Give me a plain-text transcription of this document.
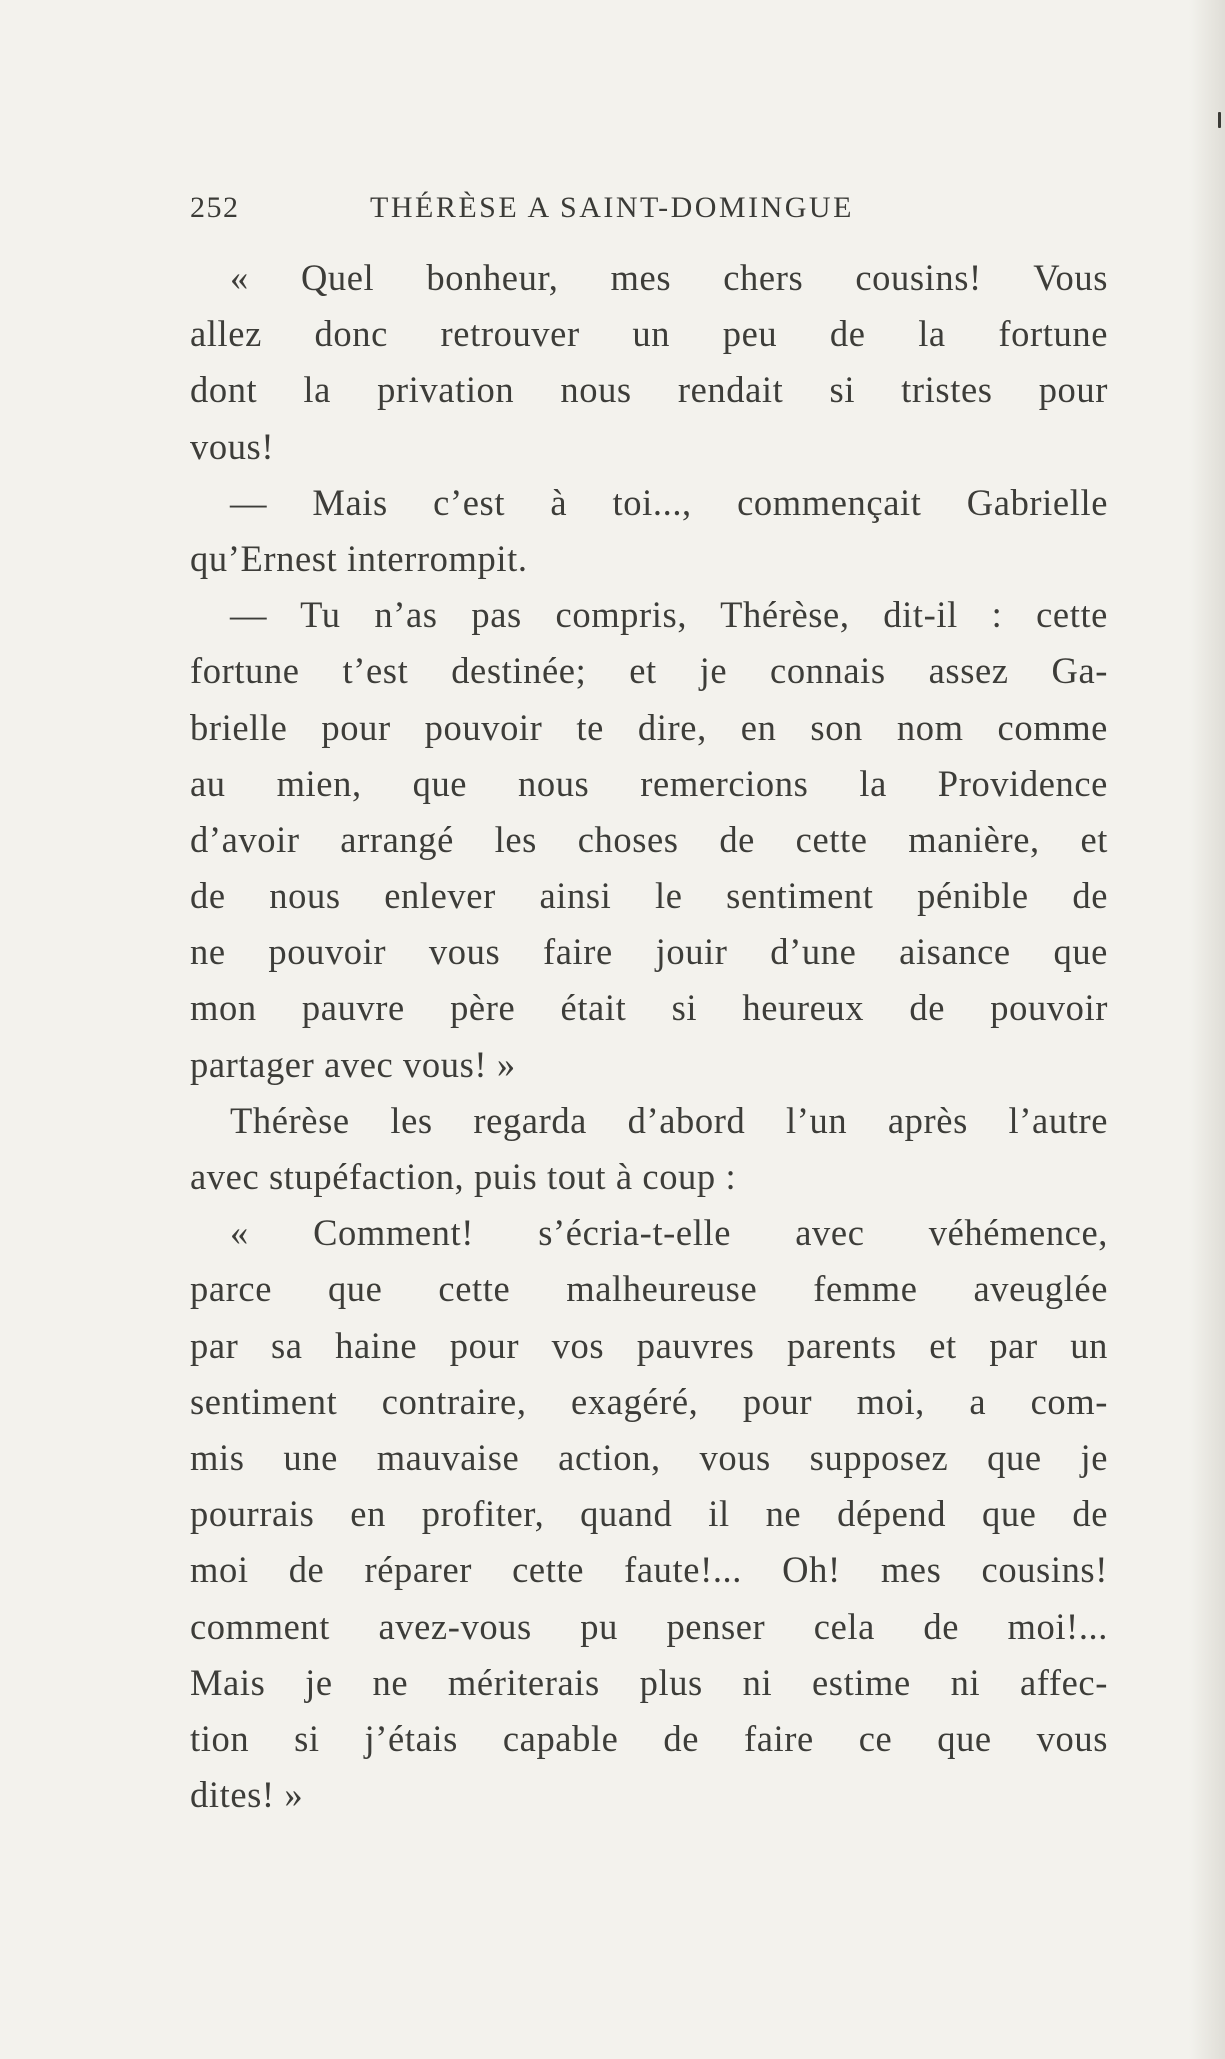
252	THÉRÈSE A SAINT-DOMINGUE
« Quel bonheur, mes chers cousins! Vous
allez donc retrouver un peu de la fortune
dont la privation nous rendait si tristes pour
vous!
— Mais c’est à toi..., commençait Gabrielle
qu’Ernest interrompit.
— Tu n’as pas compris, Thérèse, dit-il : cette
fortune t’est destinée; et je connais assez Ga-
brielle pour pouvoir te dire, en son nom comme
au mien, que nous remercions la Providence
d’avoir arrangé les choses de cette manière, et
de nous enlever ainsi le sentiment pénible de
ne pouvoir vous faire jouir d’une aisance que
mon pauvre père était si heureux de pouvoir
partager avec vous! »
Thérèse les regarda d’abord l’un après l’autre
avec stupéfaction, puis tout à coup :
« Comment! s’écria-t-elle avec véhémence,
parce que cette malheureuse femme aveuglée
par sa haine pour vos pauvres parents et par un
sentiment contraire, exagéré, pour moi, a com-
mis une mauvaise action, vous supposez que je
pourrais en profiter, quand il ne dépend que de
moi de réparer cette faute!... Oh! mes cousins!
comment avez-vous pu penser cela de moi!...
Mais je ne mériterais plus ni estime ni affec-
tion si j’étais capable de faire ce que vous
dites! »
